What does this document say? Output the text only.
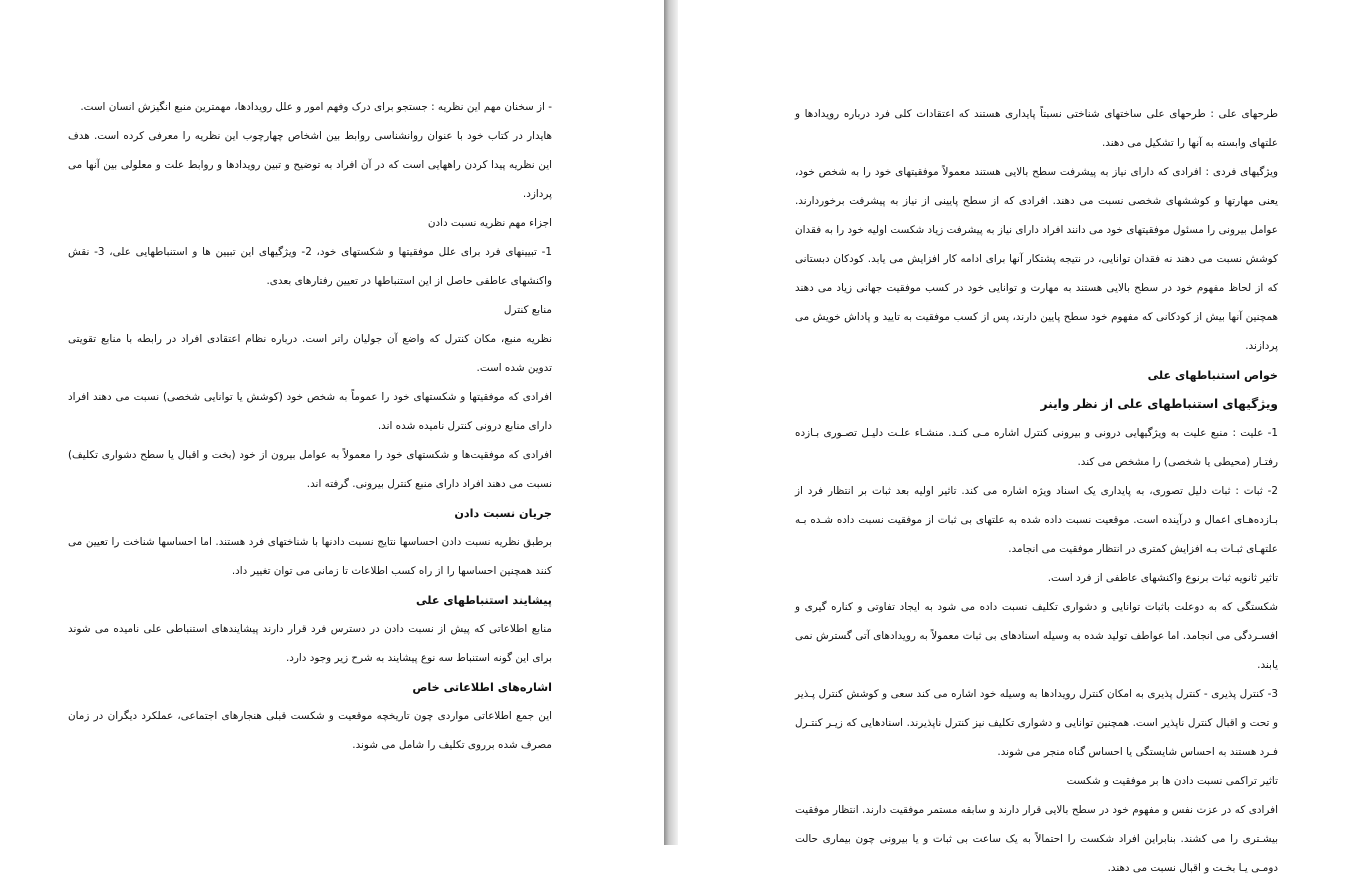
- از سخنان مهم این نظریه : جستجو برای درک وفهم امور و علل رویدادها، مهمترین منبع انگیزش انسان است.

هایدار در کتاب خود با عنوان روانشناسی روابط بین اشخاص چهارچوب این نظریه را معرفی کرده است. هدف این نظریه پیدا کردن راههایی است که در آن افراد به توضیح و تبین رویدادها و روابط علت و معلولی بین آنها می پردازد.

اجزاء مهم نظریه نسبت دادن

1- تبیینهای فرد برای علل موفقیتها و شکستهای خود، 2- ویژگیهای این تبیین ها و استنباطهایی علی، 3- نقش واکنشهای عاطفی حاصل از این استنباطها در تعیین رفتارهای بعدی.

منابع کنترل

نظریه منبع، مکان کنترل که واضع آن جولیان راتر است. درباره نظام اعتقادی افراد در رابطه با منابع تقویتی تدوین شده است.

افرادی که موفقیتها و شکستهای خود را عموماً به شخص خود (کوشش یا توانایی شخصی) نسبت می دهند افراد دارای منابع درونی کنترل نامیده شده اند.

افرادی که موفقیت‌ها و شکستهای خود را معمولاً به عوامل بیرون از خود (بخت و اقبال یا سطح دشواری تکلیف) نسبت می دهند افراد دارای منبع کنترل بیرونی. گرفته اند.

جریان نسبت دادن

برطبق نظریه نسبت دادن احساسها نتایج نسبت دادنها با شناختهای فرد هستند. اما احساسها شناخت را تعیین می کنند همچنین احساسها را از راه کسب اطلاعات تا زمانی می توان تغییر داد.

پیشایند استنباطهای علی

منابع اطلاعاتی که پیش از نسبت دادن در دسترس فرد قرار دارند پیشایندهای استنباطی علی نامیده می شوند برای این گونه استنباط سه نوع پیشایند به شرح زیر وجود دارد.

اشاره‌های اطلاعاتی خاص

این جمع اطلاعاتی مواردی چون تاریخچه موقعیت و شکست قبلی هنجارهای اجتماعی، عملکرد دیگران در زمان مصرف شده برروی تکلیف را شامل می شوند.

طرحهای علی : طرحهای علی ساختهای شناختی نسبتاً پایداری هستند که اعتقادات کلی فرد درباره رویدادها و علتهای وابسته به آنها را تشکیل می دهند.

ویژگیهای فردی : افرادی که دارای نیاز به پیشرفت سطح بالایی هستند معمولاً موفقیتهای خود را به شخص خود، یعنی مهارتها و کوششهای شخصی نسبت می دهند. افرادی که از سطح پایینی از نیاز به پیشرفت برخوردارند. عوامل بیرونی را مسئول موفقیتهای خود می دانند افراد دارای نیاز به پیشرفت زیاد شکست اولیه خود را به فقدان کوشش نسبت می دهند نه فقدان توانایی، در نتیجه پشتکار آنها برای ادامه کار افزایش می یابد. کودکان دبستانی که از لحاظ مفهوم خود در سطح بالایی هستند به مهارت و توانایی خود در کسب موفقیت جهانی زیاد می دهند همچنین آنها بیش از کودکانی که مفهوم خود سطح پایین دارند، پس از کسب موفقیت به تایید و پاداش خویش می پردازند.

خواص استنباطهای علی
ویژگیهای استنباطهای علی از نظر واینر

1- علیت : منبع علیت به ویژگیهایی درونی و بیرونی کنترل اشاره مـی کنـد. منشـاء علـت دلیـل تصـوری بـازده رفتـار (محیطی یا شخصی) را مشخص می کند.

2- ثبات : ثبات دلیل تصوری، به پایداری یک اسناد ویژه اشاره می کند. تاثیر اولیه بعد ثبات بر انتظار فرد از بـازده‌هـای اعمال و درآینده است. موقعیت نسبت داده شده به علتهای بی ثبات از موفقیت نسبت داده شـده بـه علتهـای ثبـات بـه افزایش کمتری در انتظار موفقیت می انجامد.

تاثیر ثانویه ثبات برنوع واکنشهای عاطفی از فرد است.

شکستگی که به دوعلت باثبات توانایی و دشواری تکلیف نسبت داده می شود به ایجاد تفاوتی و کناره گیری و افسـردگی می انجامد. اما عواطف تولید شده به وسیله اسنادهای بی ثبات معمولاً به رویدادهای آتی گسترش نمی یابند.

3- کنترل پذیری - کنترل پذیری به امکان کنترل رویدادها به وسیله خود اشاره می کند سعی و کوشش کنترل پـذیر و تحت و اقبال کنترل ناپذیر است. همچنین توانایی و دشواری تکلیف نیز کنترل ناپذیرند. اسنادهایی که زیـر کنتـرل فـرد هستند به احساس شایستگی یا احساس گناه منجر می شوند.

تاثیر تراکمی نسبت دادن ها بر موفقیت و شکست

افرادی که در عزت نفس و مفهوم خود در سطح بالایی قرار دارند و سابقه مستمر موفقیت دارند. انتظار موفقیت بیشـتری را می کشند. بنابراین افراد شکست را احتمالاً به یک ساعت بی ثبات و یا بیرونی چون بیماری حالت دومـی یـا بخـت و اقبال نسبت می دهند.
